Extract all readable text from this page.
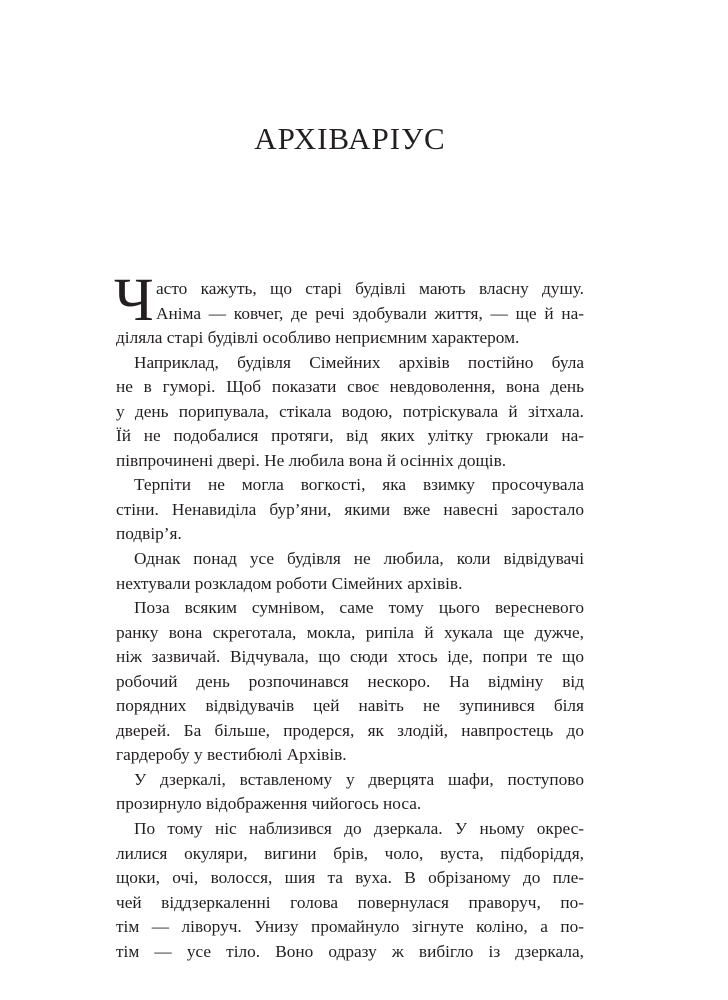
АРХІВАРІУС
Ч асто кажуть, що старі будівлі мають власну душу.
Аніма — ковчег, де речі здобували життя, — ще й на-
діляла старі будівлі особливо неприємним характером.
Наприклад, будівля Сімейних архівів постійно була
не в гуморі. Щоб показати своє невдоволення, вона день
у день порипувала, стікала водою, потріскувала й зітхала.
Їй не подобалися протяги, від яких улітку грюкали на-
півпрочинені двері. Не любила вона й осінніх дощів.
Терпіти не могла вогкості, яка взимку просочувала
стіни. Ненавиділа бур’яни, якими вже навесні заростало
подвір’я.
Однак понад усе будівля не любила, коли відвідувачі
нехтували розкладом роботи Сімейних архівів.
Поза всяким сумнівом, саме тому цього вересневого
ранку вона скреготала, мокла, рипіла й хукала ще дужче,
ніж зазвичай. Відчувала, що сюди хтось іде, попри те що
робочий день розпочинався нескоро. На відміну від
порядних відвідувачів цей навіть не зупинився біля
дверей. Ба більше, продерся, як злодій, навпростець до
гардеробу у вестибюлі Архівів.
У дзеркалі, вставленому у дверцята шафи, поступово
прозирнуло відображення чийогось носа.
По тому ніс наблизився до дзеркала. У ньому окрес-
лилися окуляри, вигини брів, чоло, вуста, підборіддя,
щоки, очі, волосся, шия та вуха. В обрізаному до пле-
чей віддзеркаленні голова повернулася праворуч, по-
тім — ліворуч. Унизу промайнуло зігнуте коліно, а по-
тім — усе тіло. Воно одразу ж вибігло із дзеркала,
